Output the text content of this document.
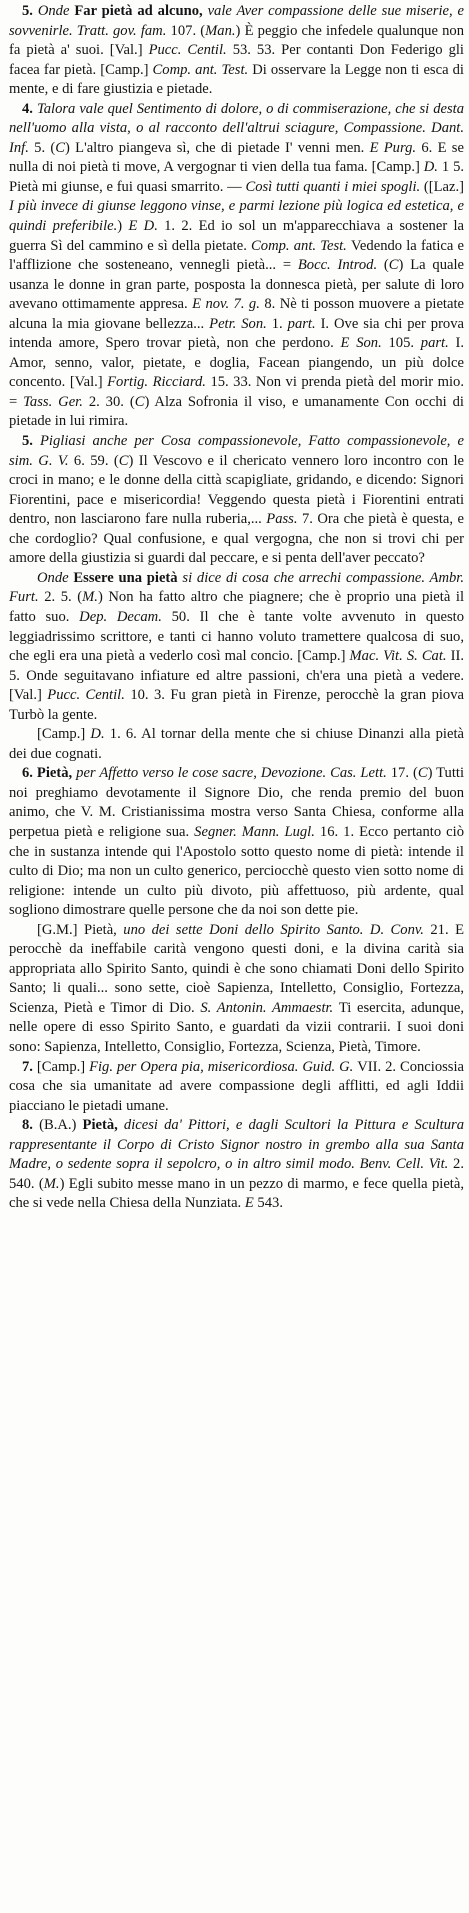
5. Onde Far pietà ad alcuno, vale Aver compassione delle sue miserie, e sovvenirle. Tratt. gov. fam. 107. (Man.) È peggio che infedele qualunque non fa pietà a' suoi. [Val.] Pucc. Centil. 53. 53. Per contanti Don Federigo gli facea far pietà. [Camp.] Comp. ant. Test. Di osservare la Legge non ti esca di mente, e di fare giustizia e pietade.

4. Talora vale quel Sentimento di dolore, o di commiserazione, che si desta nell'uomo alla vista, o al racconto dell'altrui sciagure, Compassione. Dant. Inf. 5. (C) L'altro piangeva sì, che di pietade I' venni men. E Purg. 6. E se nulla di noi pietà ti move, A vergognar ti vien della tua fama. [Camp.] D. 1 5. Pietà mi giunse, e fui quasi smarrito. — Così tutti quanti i miei spogli. ([Laz.] I più invece di giunse leggono vinse, e parmi lezione più logica ed estetica, e quindi preferibile.) E D. 1. 2. Ed io sol un m'apparecchiava a sostener la guerra Sì del cammino e sì della pietate. Comp. ant. Test. Vedendo la fatica e l'afflizione che sosteneano, vennegli pietà... = Bocc. Introd. (C) La quale usanza le donne in gran parte, posposta la donnesca pietà, per salute di loro avevano ottimamente appresa. E nov. 7. g. 8. Nè ti posson muovere a pietate alcuna la mia giovane bellezza... Petr. Son. 1. part. I. Ove sia chi per prova intenda amore, Spero trovar pietà, non che perdono. E Son. 105. part. I. Amor, senno, valor, pietate, e doglia, Facean piangendo, un più dolce concento. [Val.] Fortig. Ricciard. 15. 33. Non vi prenda pietà del morir mio. = Tass. Ger. 2. 30. (C) Alza Sofronia il viso, e umanamente Con occhi di pietade in lui rimira.

5. Pigliasi anche per Cosa compassionevole, Fatto compassionevole, e sim. G. V. 6. 59. (C) Il Vescovo e il chericato vennero loro incontro con le croci in mano; e le donne della città scapigliate, gridando, e dicendo: Signori Fiorentini, pace e misericordia! Veggendo questa pietà i Fiorentini entrati dentro, non lasciarono fare nulla ruberia,... Pass. 7. Ora che pietà è questa, e che cordoglio? Qual confusione, e qual vergogna, che non si trovi chi per amore della giustizia si guardi dal peccare, e si penta dell'aver peccato?

Onde Essere una pietà si dice di cosa che arrechi compassione. Ambr. Furt. 2. 5. (M.) Non ha fatto altro che piagnere; che è proprio una pietà il fatto suo. Dep. Decam. 50. Il che è tante volte avvenuto in questo leggiadrissimo scrittore, e tanti ci hanno voluto tramettere qualcosa di suo, che egli era una pietà a vederlo così mal concio. [Camp.] Mac. Vit. S. Cat. II. 5. Onde seguitavano infiature ed altre passioni, ch'era una pietà a vedere. [Val.] Pucc. Centil. 10. 3. Fu gran pietà in Firenze, perocchè la gran piova Turbò la gente.

[Camp.] D. 1. 6. Al tornar della mente che si chiuse Dinanzi alla pietà dei due cognati.

6. Pietà, per Affetto verso le cose sacre, Devozione. Cas. Lett. 17. (C) Tutti noi preghiamo devotamente il Signore Dio, che renda premio del buon animo, che V. M. Cristianissima mostra verso Santa Chiesa, conforme alla perpetua pietà e religione sua. Segner. Mann. Lugl. 16. 1. Ecco pertanto ciò che in sustanza intende qui l'Apostolo sotto questo nome di pietà: intende il culto di Dio; ma non un culto generico, perciocchè questo vien sotto nome di religione: intende un culto più divoto, più affettuoso, più ardente, qual sogliono dimostrare quelle persone che da noi son dette pie.

[G.M.] Pietà, uno dei sette Doni dello Spirito Santo. D. Conv. 21. E perocchè da ineffabile carità vengono questi doni, e la divina carità sia appropriata allo Spirito Santo, quindi è che sono chiamati Doni dello Spirito Santo; li quali... sono sette, cioè Sapienza, Intelletto, Consiglio, Fortezza, Scienza, Pietà e Timor di Dio. S. Antonin. Ammaestr. Ti esercita, adunque, nelle opere di esso Spirito Santo, e guardati da vizii contrarii. I suoi doni sono: Sapienza, Intelletto, Consiglio, Fortezza, Scienza, Pietà, Timore.

7. [Camp.] Fig. per Opera pia, misericordiosa. Guid. G. VII. 2. Conciossia cosa che sia umanitate ad avere compassione degli afflitti, ed agli Iddii piacciano le pietadi umane.

8. (B.A.) Pietà, dicesi da' Pittori, e dagli Scultori la Pittura e Scultura rappresentante il Corpo di Cristo Signor nostro in grembo alla sua Santa Madre, o sedente sopra il sepolcro, o in altro simil modo. Benv. Cell. Vit. 2. 540. (M.) Egli subito messe mano in un pezzo di marmo, e fece quella pietà, che si vede nella Chiesa della Nunziata. E 543.
